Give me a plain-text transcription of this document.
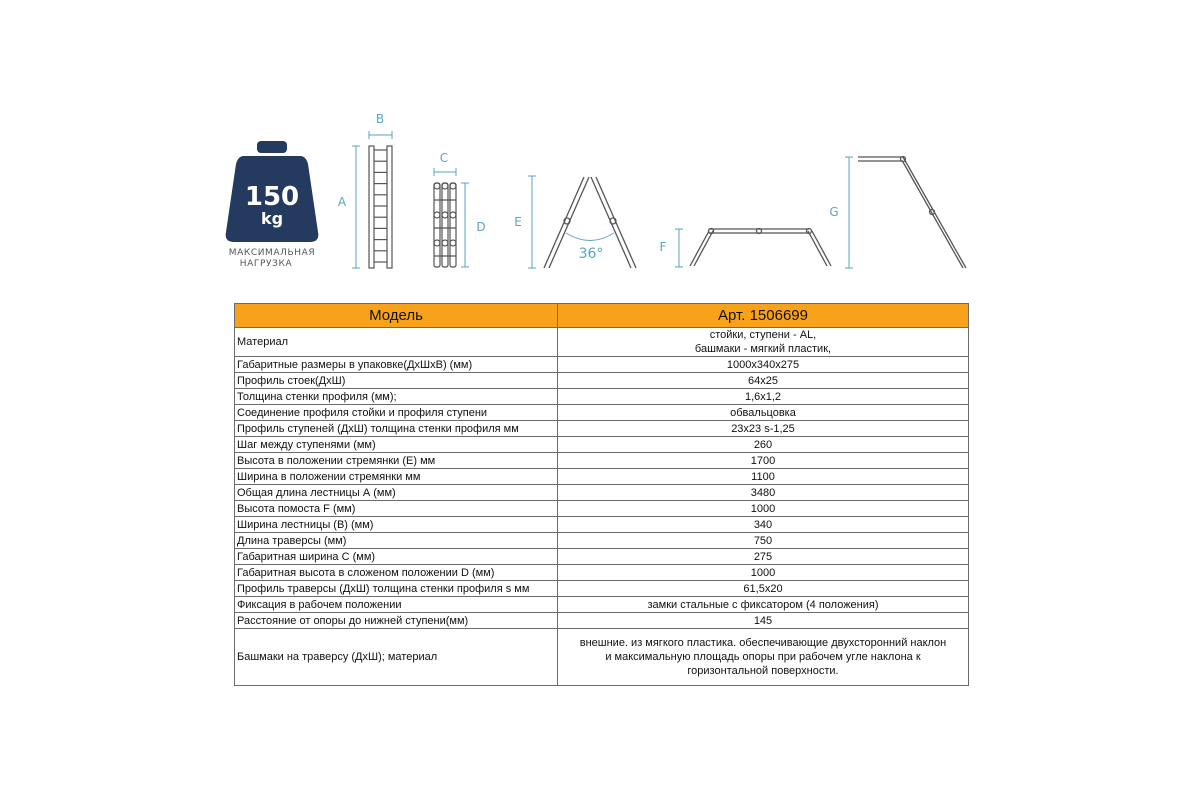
150
kg
МАКСИМАЛЬНАЯ
НАГРУЗКА
B
A
C
D E
36°	F
G
Модель	Арт. 1506699
Материал	стойки, ступени - AL,
башмаки - мягкий пластик,

Габаритные размеры в упаковке(ДхШхВ) (мм)	1000х340х275

Профиль стоек(ДхШ)	64х25

Толщина стенки профиля (мм);	1,6х1,2

Соединение профиля стойки и профиля ступени	обвальцовка

Профиль ступеней (ДхШ) толщина стенки профиля мм	23х23 s-1,25

Шаг между ступенями (мм)	260

Высота в положении стремянки (Е) мм	1700

Ширина в положении стремянки мм	1100

Общая длина лестницы А (мм)	3480

Высота помоста F (мм)	1000

Ширина лестницы (В) (мм)	340

Длина траверсы (мм)	750

Габаритная ширина С (мм)	275

Габаритная высота в сложеном положении D (мм)	1000

Профиль траверсы (ДхШ) толщина стенки профиля s мм	61,5х20

Фиксация в рабочем положении	замки стальные с фиксатором (4 положения)

Расстояние от опоры до нижней ступени(мм)	145

Башмаки на траверсу (ДхШ); материал	внешние. из мягкого пластика. обеспечивающие двухсторонний наклон
и максимальную площадь опоры при рабочем угле наклона к
горизонтальной поверхности.
